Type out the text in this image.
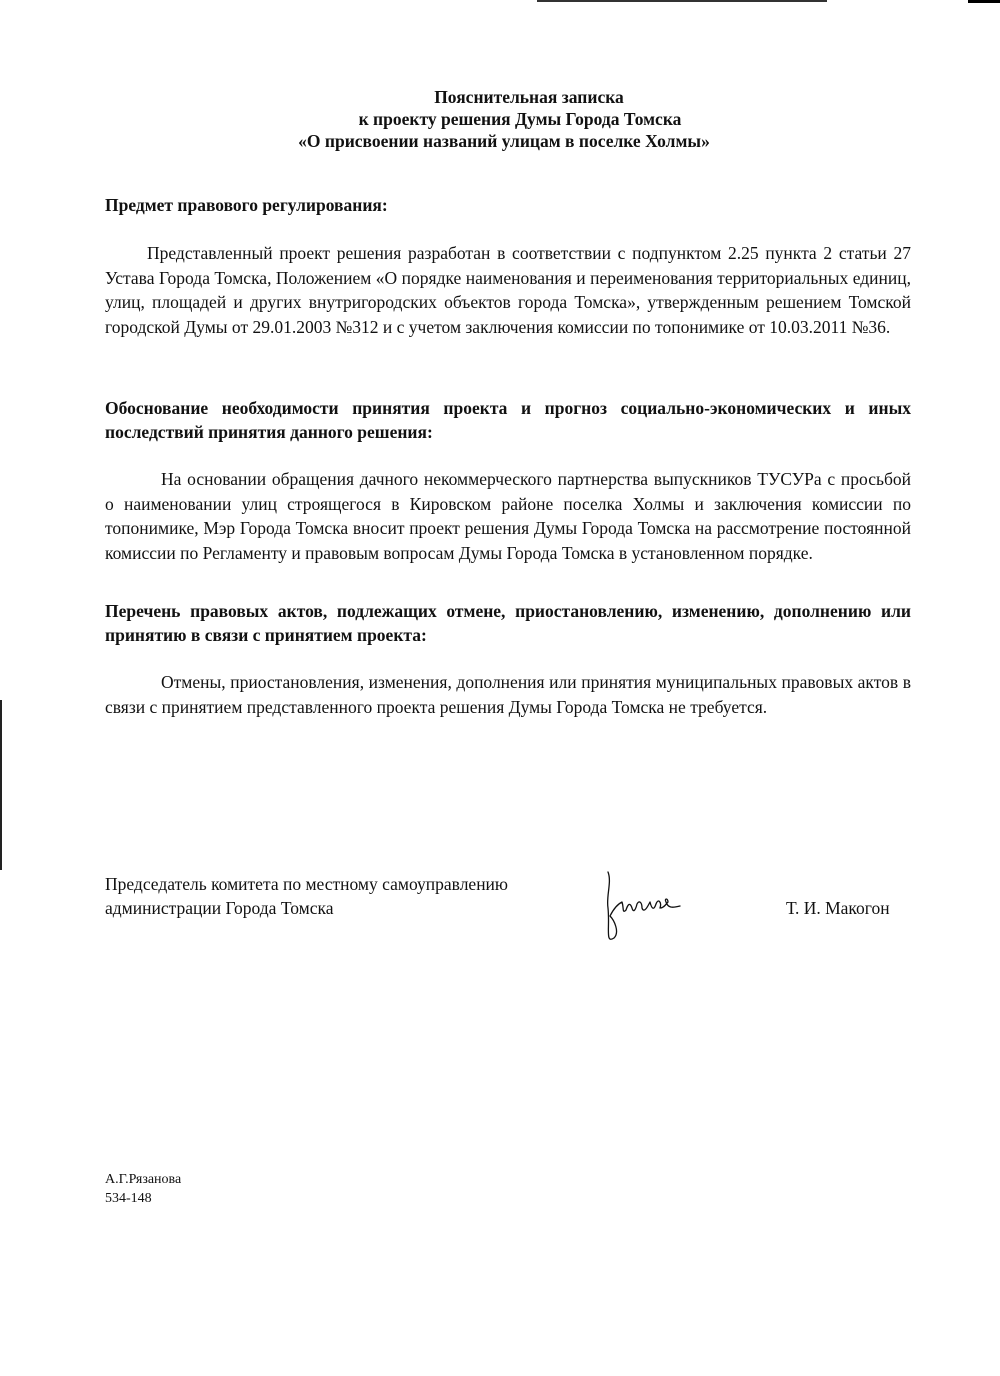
Пояснительная записка
к проекту решения Думы Города Томска
«О присвоении названий улицам в поселке Холмы»
Предмет правового регулирования:
Представленный проект решения разработан в соответствии с подпунктом 2.25 пункта 2 статьи 27 Устава Города Томска, Положением «О порядке наименования и переименования территориальных единиц, улиц, площадей и других внутригородских объектов города Томска», утвержденным решением Томской городской Думы от 29.01.2003 №312 и с учетом заключения комиссии по топонимике от 10.03.2011 №36.
Обоснование необходимости принятия проекта и прогноз социально-экономических и иных последствий принятия данного решения:
На основании обращения дачного некоммерческого партнерства выпускников ТУСУРа с просьбой о наименовании улиц строящегося в Кировском районе поселка Холмы и заключения комиссии по топонимике, Мэр Города Томска вносит проект решения Думы Города Томска на рассмотрение постоянной комиссии по Регламенту и правовым вопросам Думы Города Томска в установленном порядке.
Перечень правовых актов, подлежащих отмене, приостановлению, изменению, дополнению или принятию в связи с принятием проекта:
Отмены, приостановления, изменения, дополнения или принятия муниципальных правовых актов в связи с принятием представленного проекта решения Думы Города Томска не требуется.
Председатель комитета по местному самоуправлению
администрации Города Томска	Т. И. Макогон
А.Г.Рязанова
534-148
